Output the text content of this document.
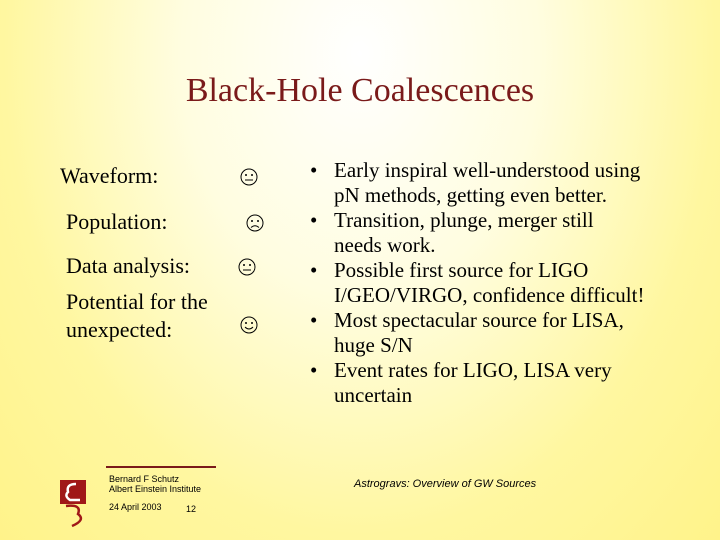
Black-Hole Coalescences
Waveform:
Population:
Data analysis:
Potential for the
unexpected:
• Early inspiral well-understood using
pN methods, getting even better.
• Transition, plunge, merger still
needs work.
• Possible first source for LIGO
I/GEO/VIRGO, confidence difficult!
• Most spectacular source for LISA,
huge S/N
• Event rates for LIGO, LISA very
uncertain
Bernard F Schutz
Albert Einstein Institute
24 April 2003	12
Astrogravs: Overview of GW Sources
